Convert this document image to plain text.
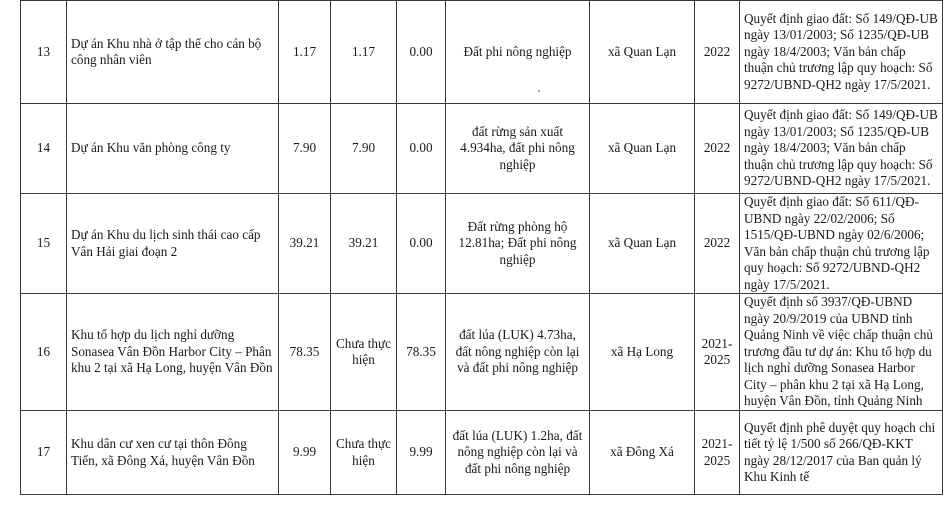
13	Dự án Khu nhà ở tập thể cho cán bộ công nhân viên	1.17	1.17	0.00	Đất phi nông nghiệp	xã Quan Lạn	2022	Quyết định giao đất: Số 149/QĐ-UB ngày 13/01/2003; Số 1235/QĐ-UB ngày 18/4/2003; Văn bản chấp thuận chủ trương lập quy hoạch: Số 9272/UBND-QH2 ngày 17/5/2021.
14	Dự án Khu văn phòng công ty	7.90	7.90	0.00	đất rừng sản xuất 4.934ha, đất phi nông nghiệp	xã Quan Lạn	2022	Quyết định giao đất: Số 149/QĐ-UB ngày 13/01/2003; Số 1235/QĐ-UB ngày 18/4/2003; Văn bản chấp thuận chủ trương lập quy hoạch: Số 9272/UBND-QH2 ngày 17/5/2021.
15	Dự án Khu du lịch sinh thái cao cấp Vân Hải giai đoạn 2	39.21	39.21	0.00	Đất rừng phòng hộ 12.81ha; Đất phi nông nghiệp	xã Quan Lạn	2022	Quyết định giao đất: Số 611/QĐ-UBND ngày 22/02/2006; Số 1515/QĐ-UBND ngày 02/6/2006; Văn bản chấp thuận chủ trương lập quy hoạch: Số 9272/UBND-QH2 ngày 17/5/2021.
16	Khu tổ hợp du lịch nghỉ dưỡng Sonasea Vân Đồn Harbor City – Phân khu 2 tại xã Hạ Long, huyện Vân Đồn	78.35	Chưa thực hiện	78.35	đất lúa (LUK) 4.73ha, đất nông nghiệp còn lại và đất phi nông nghiệp	xã Hạ Long	2021-2025	Quyết định số 3937/QĐ-UBND ngày 20/9/2019 của UBND tỉnh Quảng Ninh về việc chấp thuận chủ trương đầu tư dự án: Khu tổ hợp du lịch nghỉ dưỡng Sonasea Harbor City – phân khu 2 tại xã Hạ Long, huyện Vân Đồn, tỉnh Quảng Ninh
17	Khu dân cư xen cư tại thôn Đông Tiến, xã Đông Xá, huyện Vân Đồn	9.99	Chưa thực hiện	9.99	đất lúa (LUK) 1.2ha, đất nông nghiệp còn lại và đất phi nông nghiệp	xã Đông Xá	2021-2025	Quyết định phê duyệt quy hoạch chi tiết tỷ lệ 1/500 số 266/QĐ-KKT ngày 28/12/2017 của Ban quản lý Khu Kinh tế
